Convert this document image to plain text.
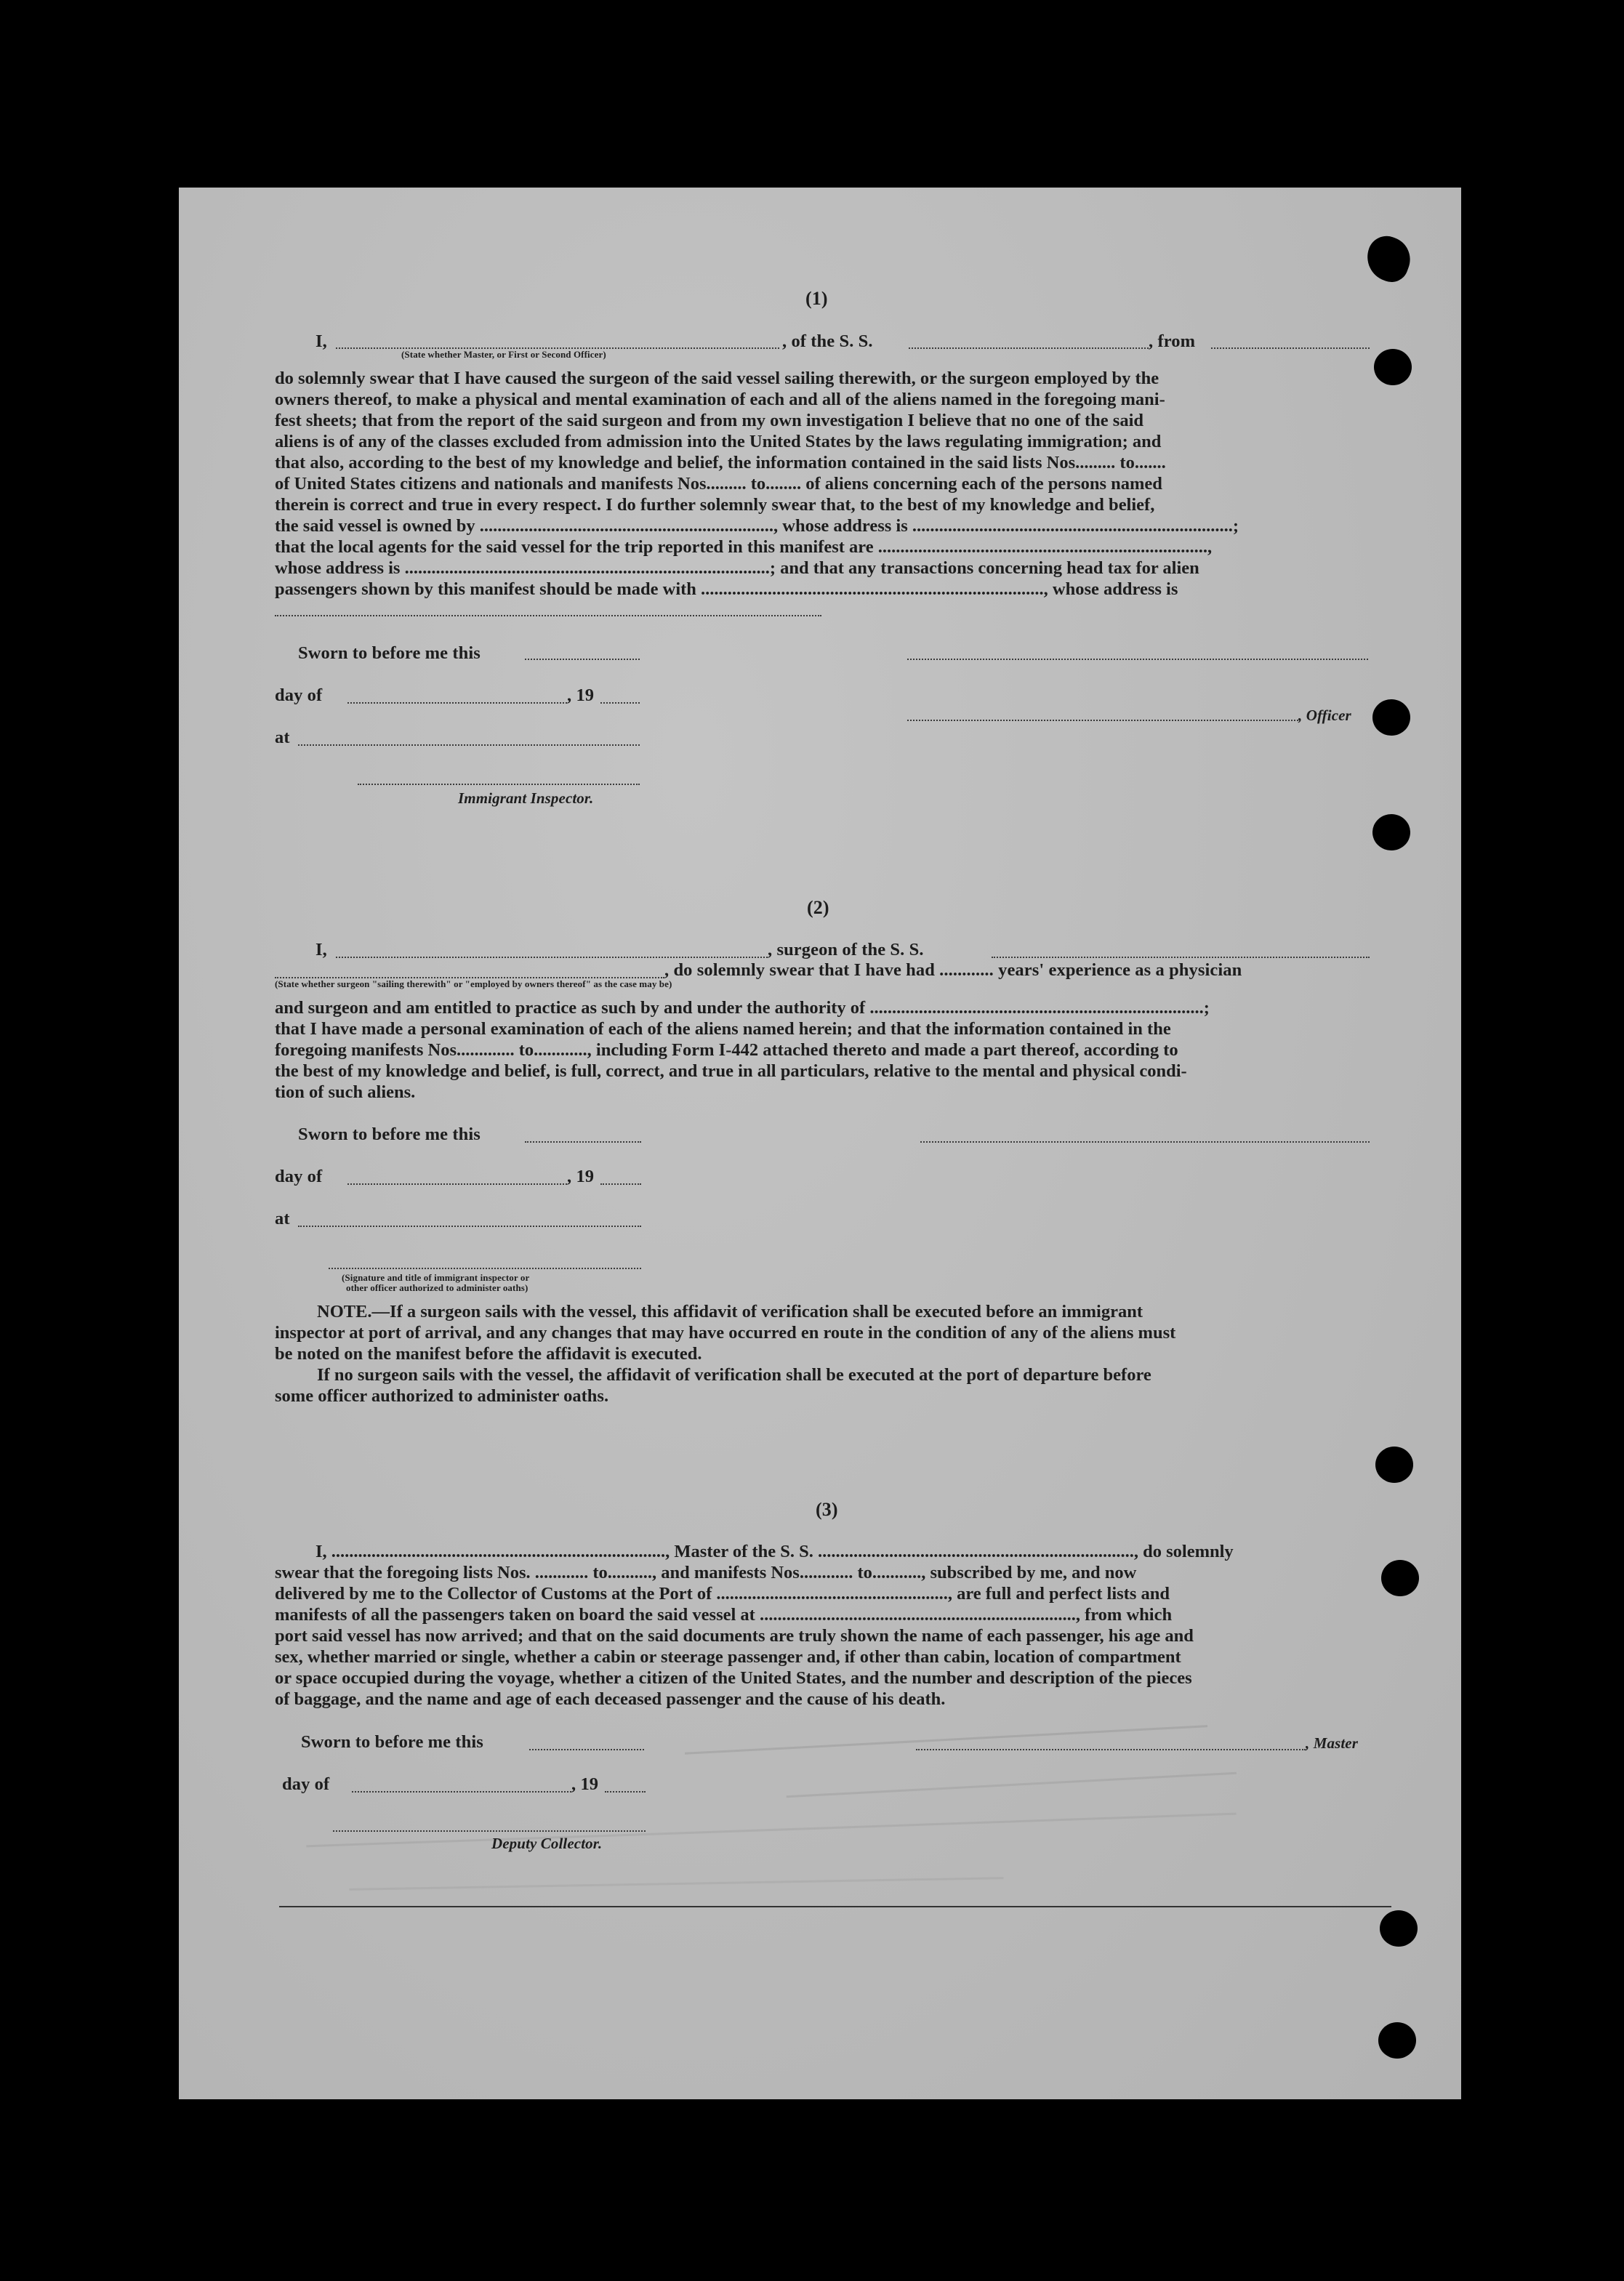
(1)
I,	, of the S. S.	, from
(State whether Master, or First or Second Officer)
do solemnly swear that I have caused the surgeon of the said vessel sailing therewith, or the surgeon employed by the
owners thereof, to make a physical and mental examination of each and all of the aliens named in the foregoing mani-
fest sheets; that from the report of the said surgeon and from my own investigation I believe that no one of the said
aliens is of any of the classes excluded from admission into the United States by the laws regulating immigration; and
that also, according to the best of my knowledge and belief, the information contained in the said lists Nos......... to.......
of United States citizens and nationals and manifests Nos......... to........ of aliens concerning each of the persons named
therein is correct and true in every respect. I do further solemnly swear that, to the best of my knowledge and belief,
the said vessel is owned by .................................................................., whose address is ........................................................................;
that the local agents for the said vessel for the trip reported in this manifest are ..........................................................................,
whose address is ..................................................................................; and that any transactions concerning head tax for alien
passengers shown by this manifest should be made with ............................................................................., whose address is
Sworn to before me this
day of	, 19
, Officer
at
Immigrant Inspector.
(2)
I,	, surgeon of the S. S.
, do solemnly swear that I have had ............ years' experience as a physician
(State whether surgeon "sailing therewith" or "employed by owners thereof" as the case may be)
and surgeon and am entitled to practice as such by and under the authority of ...........................................................................;
that I have made a personal examination of each of the aliens named herein; and that the information contained in the
foregoing manifests Nos............. to............, including Form I-442 attached thereto and made a part thereof, according to
the best of my knowledge and belief, is full, correct, and true in all particulars, relative to the mental and physical condi-
tion of such aliens.
Sworn to before me this
day of	, 19
at
(Signature and title of immigrant inspector or
other officer authorized to administer oaths)
NOTE.—If a surgeon sails with the vessel, this affidavit of verification shall be executed before an immigrant
inspector at port of arrival, and any changes that may have occurred en route in the condition of any of the aliens must
be noted on the manifest before the affidavit is executed.
If no surgeon sails with the vessel, the affidavit of verification shall be executed at the port of departure before
some officer authorized to administer oaths.
(3)
I, ..........................................................................., Master of the S. S. ......................................................................., do solemnly
swear that the foregoing lists Nos. ............ to.........., and manifests Nos............ to..........., subscribed by me, and now
delivered by me to the Collector of Customs at the Port of ...................................................., are full and perfect lists and
manifests of all the passengers taken on board the said vessel at ......................................................................., from which
port said vessel has now arrived; and that on the said documents are truly shown the name of each passenger, his age and
sex, whether married or single, whether a cabin or steerage passenger and, if other than cabin, location of compartment
or space occupied during the voyage, whether a citizen of the United States, and the number and description of the pieces
of baggage, and the name and age of each deceased passenger and the cause of his death.
Sworn to before me this	, Master
day of	, 19
Deputy Collector.
